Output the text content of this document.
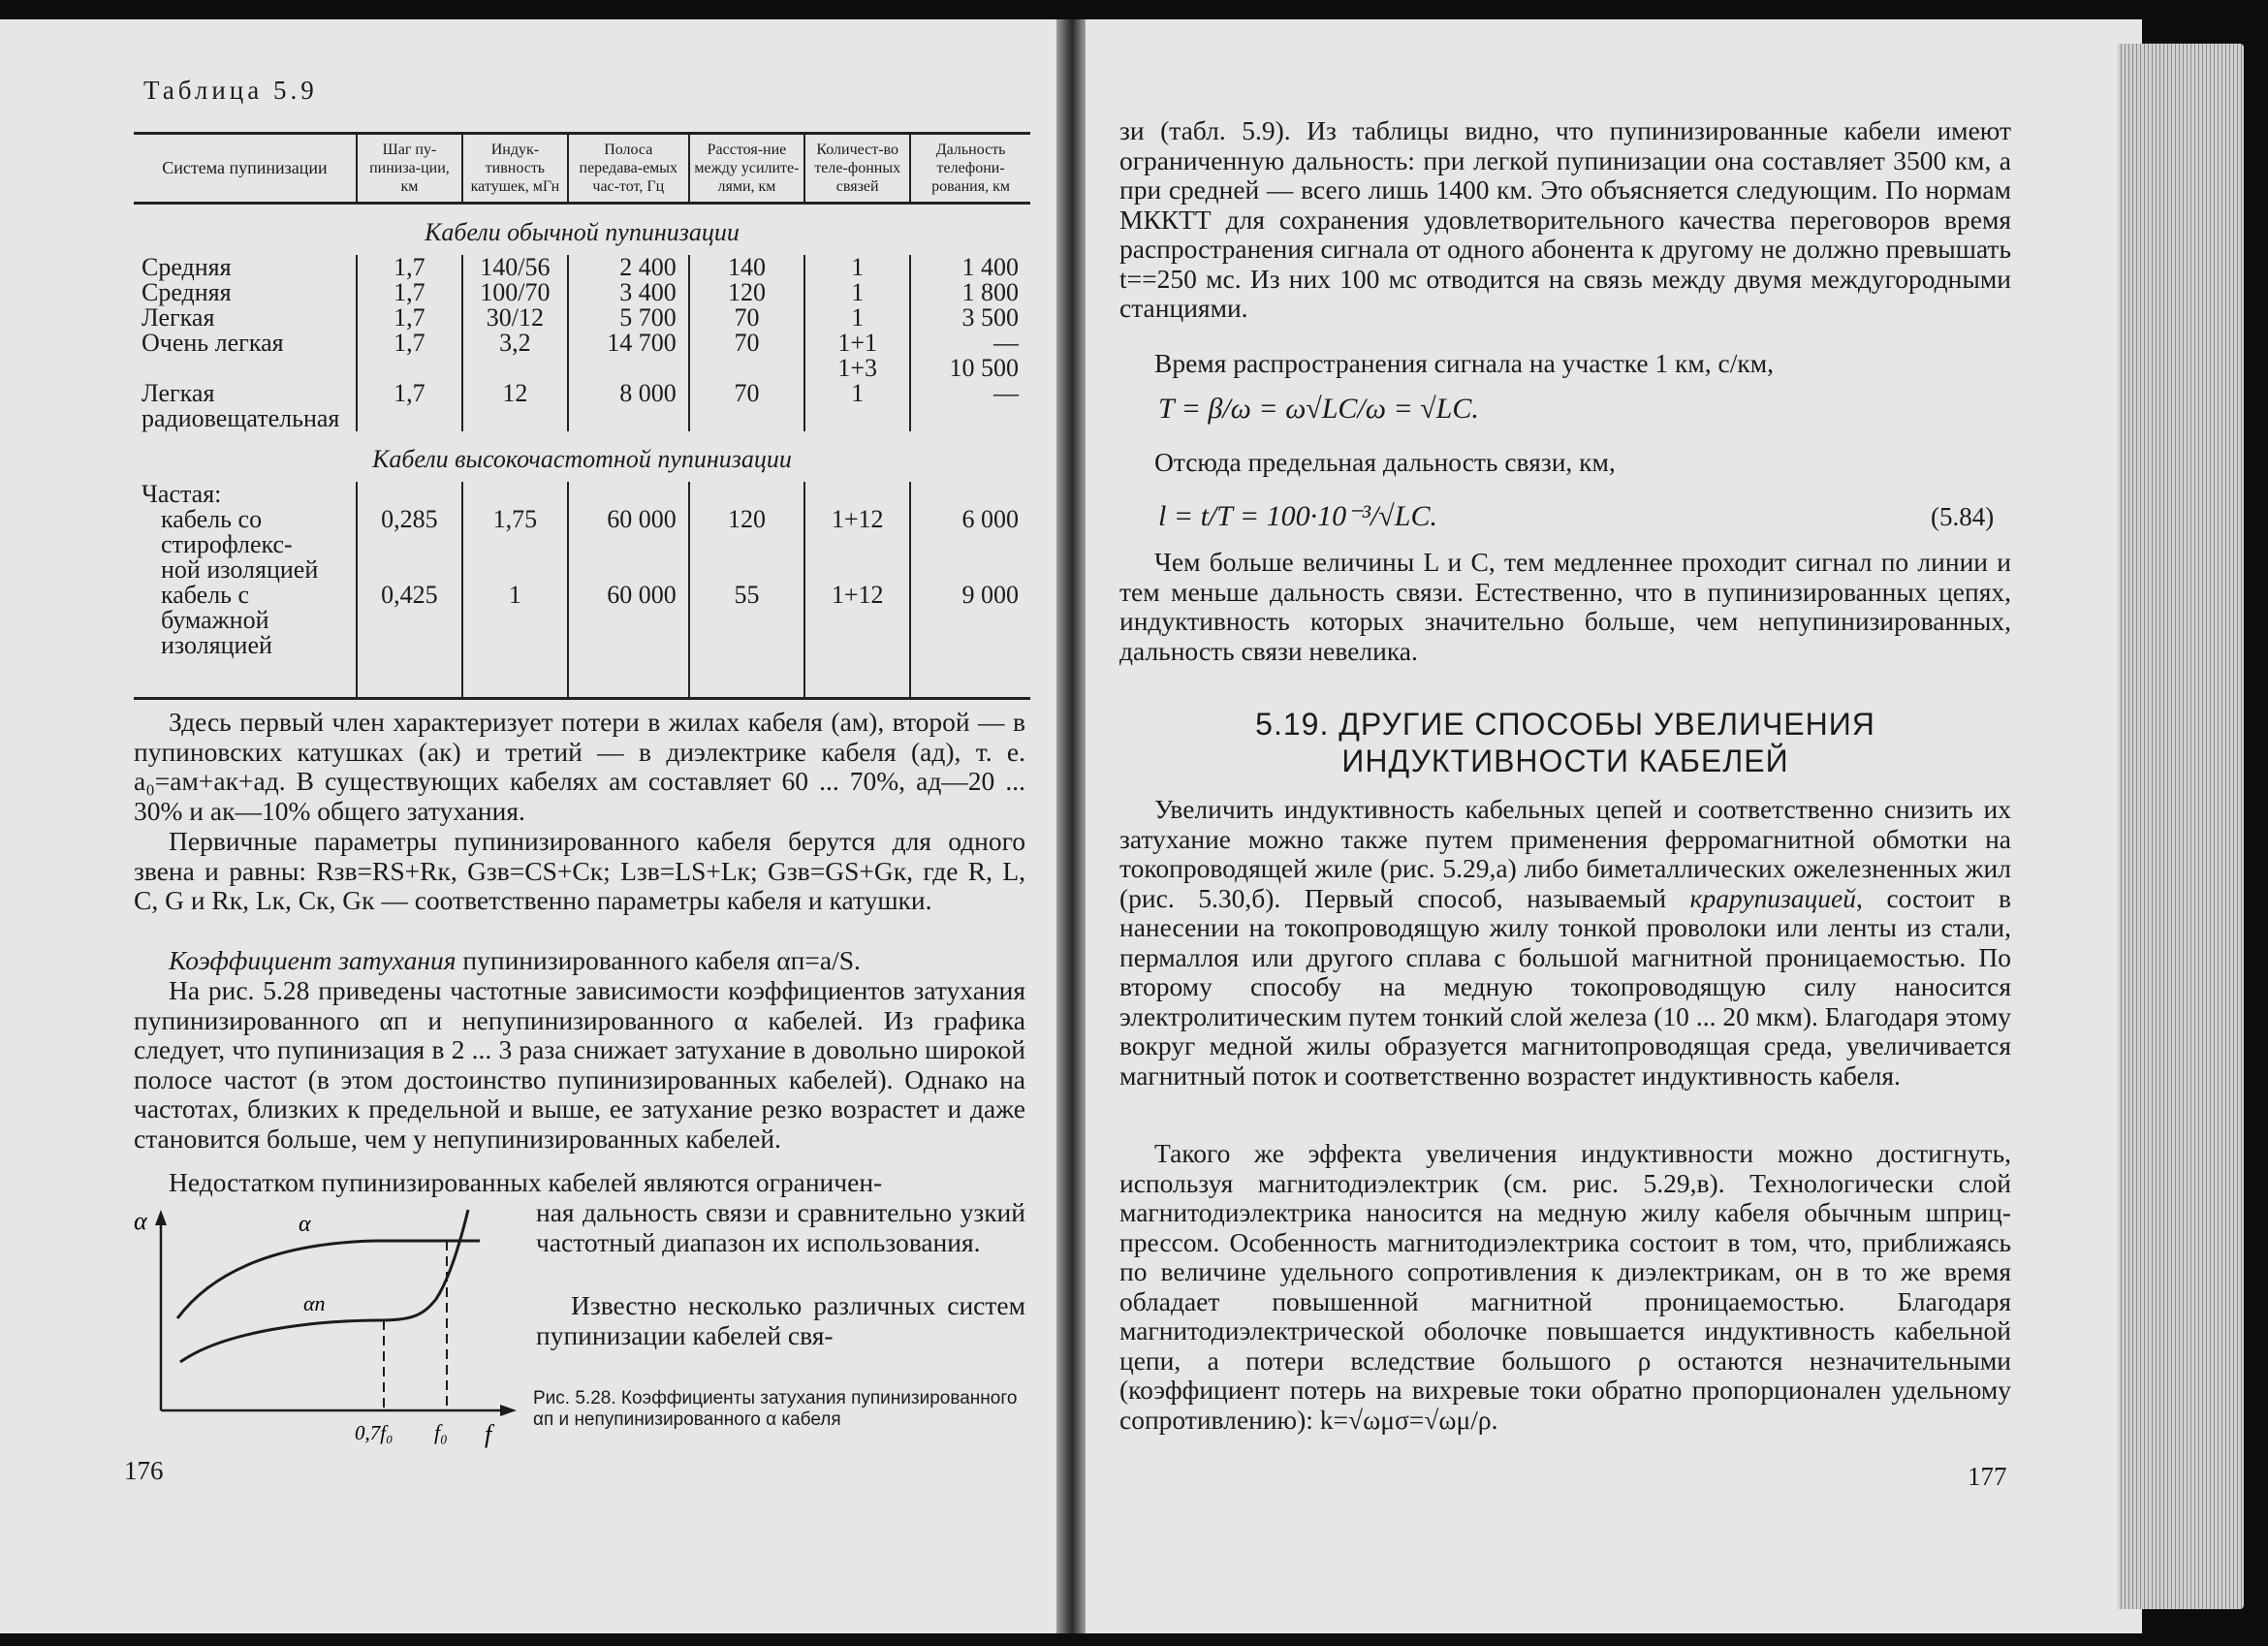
Таблица 5.9
Система пупинизации	Шаг пу-пиниза-ции, км	Индук-тивность катушек, мГн	Полоса передава-емых час-тот, Гц	Расстоя-ние между усилите-лями, км	Количест-во теле-фонных связей	Дальность телефони-рования, км
Кабели обычной пупинизации						
Средняя	1,7	140/56	2 400	140	1	1 400
Средняя	1,7	100/70	3 400	120	1	1 800
Легкая	1,7	30/12	5 700	70	1	3 500
Очень легкая	1,7	3,2	14 700	70	1+1	—
					1+3	10 500
Легкая радиовещательная	1,7	12	8 000	70	1	—
Кабели высокочастотной пупинизации						
Частая:						
кабель со стирофлекс-	0,285	1,75	60 000	120	1+12	6 000
ной изоляцией						
кабель с бумажной	0,425	1	60 000	55	1+12	9 000
изоляцией						

Здесь первый член характеризует потери в жилах кабеля (aм), второй — в пупиновских катушках (aк) и третий — в диэлектрике кабеля (aд), т. е. a₀=aм+aк+aд. В существующих кабелях aм составляет 60 ... 70%, aд—20 ... 30% и aк—10% общего затухания.
Первичные параметры пупинизированного кабеля берутся для одного звена и равны: Rзв=RS+Rк, Gзв=CS+Cк; Lзв=LS+Lк; Gзв=GS+Gк, где R, L, C, G и Rк, Lк, Cк, Gк — соответственно параметры кабеля и катушки.
Коэффициент затухания пупинизированного кабеля αп=a/S.
На рис. 5.28 приведены частотные зависимости коэффициентов затухания пупинизированного αп и непупинизированного α кабелей. Из графика следует, что пупинизация в 2 ... 3 раза снижает затухание в довольно широкой полосе частот (в этом достоинство пупинизированных кабелей). Однако на частотах, близких к предельной и выше, ее затухание резко возрастет и даже становится больше, чем у непупинизированных кабелей.
Недостатком пупинизированных кабелей являются ограничен-
ная дальность связи и сравнительно узкий частотный диапазон их использования.
Известно несколько различных систем пупинизации кабелей свя-
α	α
αп
0,7f₀ f₀ f
Рис. 5.28. Коэффициенты затухания пупинизированного αп и непупинизированного α кабеля
176
зи (табл. 5.9). Из таблицы видно, что пупинизированные кабели имеют ограниченную дальность: при легкой пупинизации она составляет 3500 км, а при средней — всего лишь 1400 км. Это объясняется следующим. По нормам МККТТ для сохранения удовлетворительного качества переговоров время распространения сигнала от одного абонента к другому не должно превышать t==250 мс. Из них 100 мс отводится на связь между двумя междугородными станциями.
Время распространения сигнала на участке 1 км, с/км,
T = β/ω = ω√LC/ω = √LC.
Отсюда предельная дальность связи, км,
l = t/T = 100·10⁻³/√LC.	(5.84)
Чем больше величины L и C, тем медленнее проходит сигнал по линии и тем меньше дальность связи. Естественно, что в пупинизированных цепях, индуктивность которых значительно больше, чем непупинизированных, дальность связи невелика.
5.19. ДРУГИЕ СПОСОБЫ УВЕЛИЧЕНИЯ
ИНДУКТИВНОСТИ КАБЕЛЕЙ
Увеличить индуктивность кабельных цепей и соответственно снизить их затухание можно также путем применения ферромагнитной обмотки на токопроводящей жиле (рис. 5.29,а) либо биметаллических ожелезненных жил (рис. 5.30,б). Первый способ, называемый крарупизацией, состоит в нанесении на токопроводящую жилу тонкой проволоки или ленты из стали, пермаллоя или другого сплава с большой магнитной проницаемостью. По второму способу на медную токопроводящую силу наносится электролитическим путем тонкий слой железа (10 ... 20 мкм). Благодаря этому вокруг медной жилы образуется магнитопроводящая среда, увеличивается магнитный поток и соответственно возрастет индуктивность кабеля.
Такого же эффекта увеличения индуктивности можно достигнуть, используя магнитодиэлектрик (см. рис. 5.29,в). Технологически слой магнитодиэлектрика наносится на медную жилу кабеля обычным шприц-прессом. Особенность магнитодиэлектрика состоит в том, что, приближаясь по величине удельного сопротивления к диэлектрикам, он в то же время обладает повышенной магнитной проницаемостью. Благодаря магнитодиэлектрической оболочке повышается индуктивность кабельной цепи, а потери вследствие большого ρ остаются незначительными (коэффициент потерь на вихревые токи обратно пропорционален удельному сопротивлению): k=√ωμσ=√ωμ/ρ.
177
